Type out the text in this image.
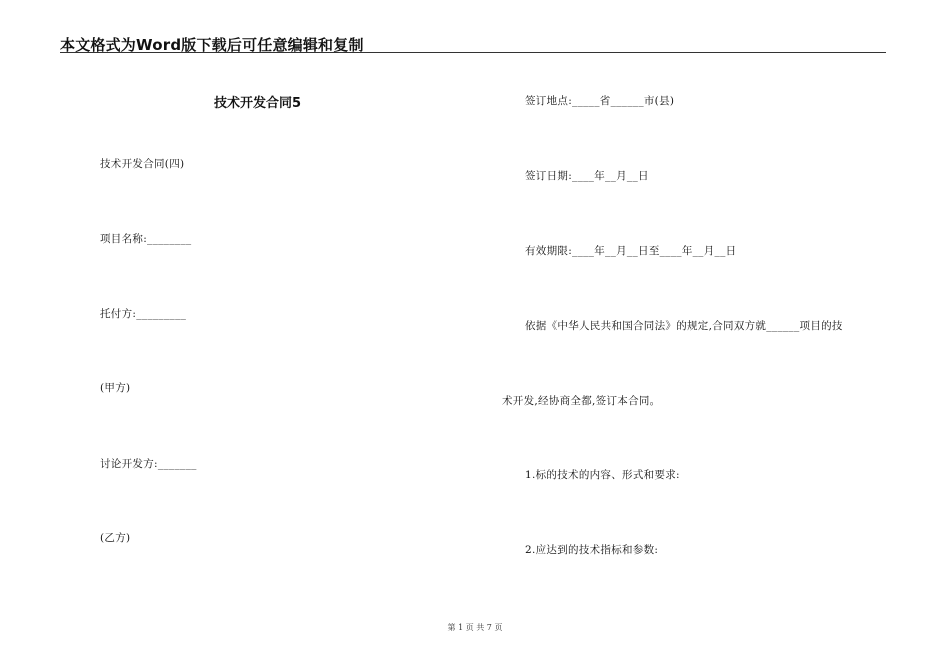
本文格式为Word版下载后可任意编辑和复制
技术开发合同5
技术开发合同(四)
项目名称:________
托付方:_________
(甲方)
讨论开发方:_______
(乙方)
签订地点:_____省______市(县)
签订日期:____年__月__日
有效期限:____年__月__日至____年__月__日
依据《中华人民共和国合同法》的规定,合同双方就______项目的技
术开发,经协商全都,签订本合同。
1.标的技术的内容、形式和要求:
2.应达到的技术指标和参数:
第 1 页 共 7 页
